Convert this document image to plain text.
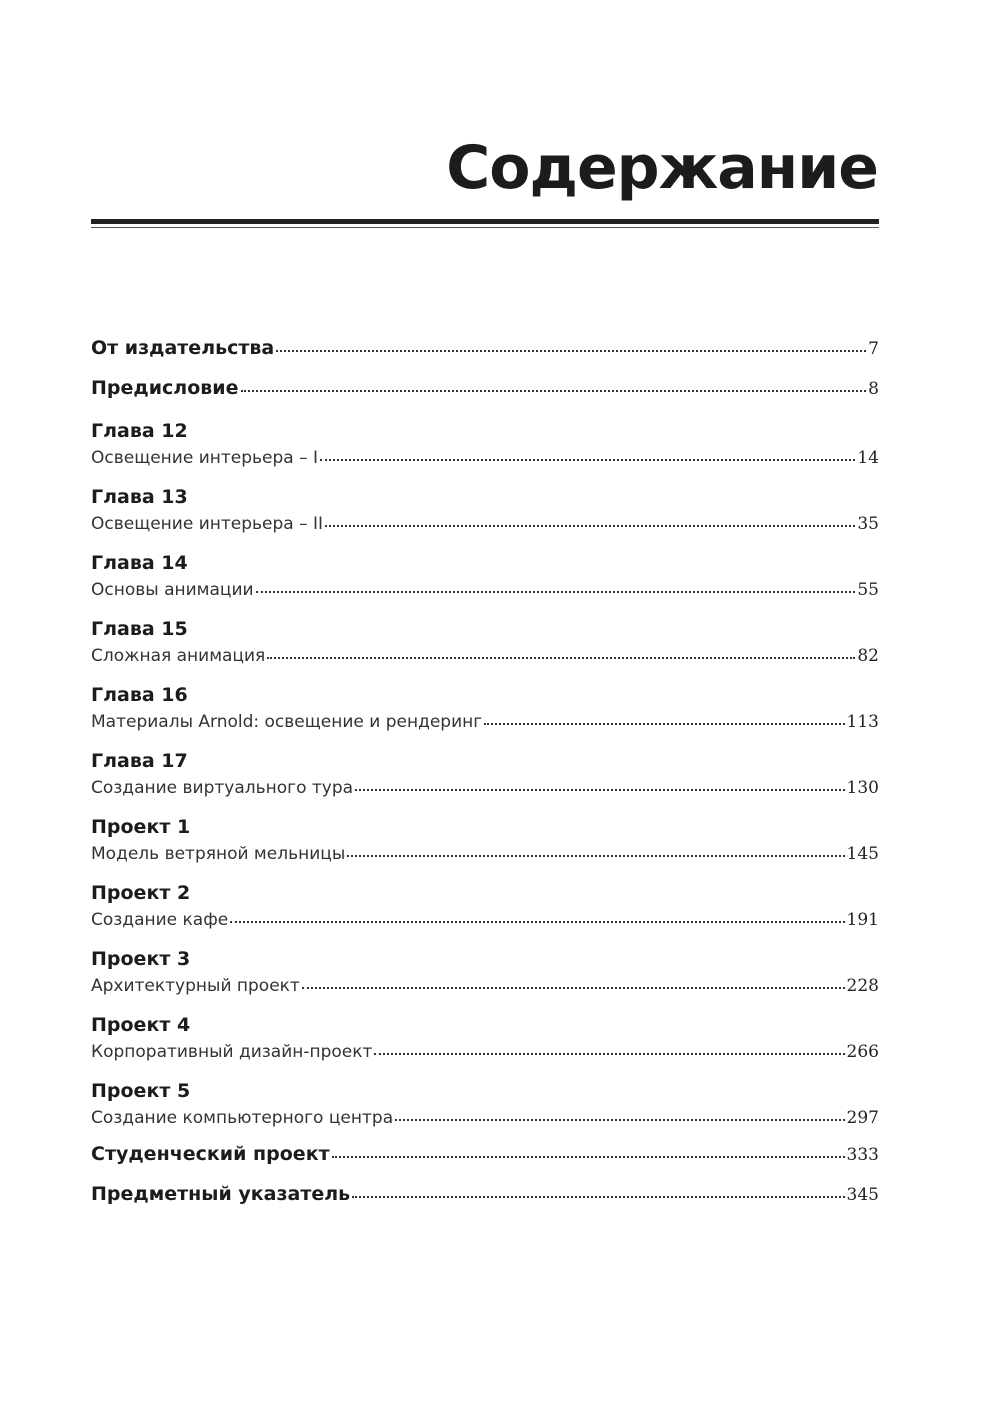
Содержание
От издательства	7
Предисловие	8
Глава 12
Освещение интерьера – I	14
Глава 13
Освещение интерьера – II	35
Глава 14
Основы анимации	55
Глава 15
Сложная анимация	82
Глава 16
Материалы Arnold: освещение и рендеринг	113
Глава 17
Создание виртуального тура	130
Проект 1
Модель ветряной мельницы	145
Проект 2
Создание кафе	191
Проект 3
Архитектурный проект	228
Проект 4
Корпоративный дизайн-проект	266
Проект 5
Создание компьютерного центра	297
Студенческий проект	333
Предметный указатель	345
